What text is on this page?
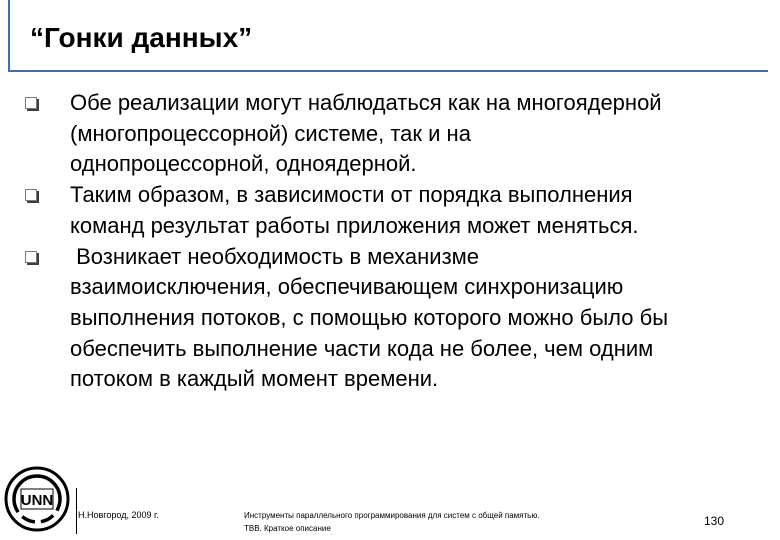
“Гонки данных”
Обе реализации могут наблюдаться как на многоядерной
(многопроцессорной) системе, так и на
однопроцессорной, одноядерной.
Таким образом, в зависимости от порядка выполнения
команд результат работы приложения может меняться.
Возникает необходимость в механизме
взаимоисключения, обеспечивающем синхронизацию
выполнения потоков, с помощью которого можно было бы
обеспечить выполнение части кода не более, чем одним
потоком в каждый момент времени.
UNN
Н.Новгород, 2009 г.	Инструменты параллельного программирования для систем с общей памятью.
TBB. Краткое описание
130
